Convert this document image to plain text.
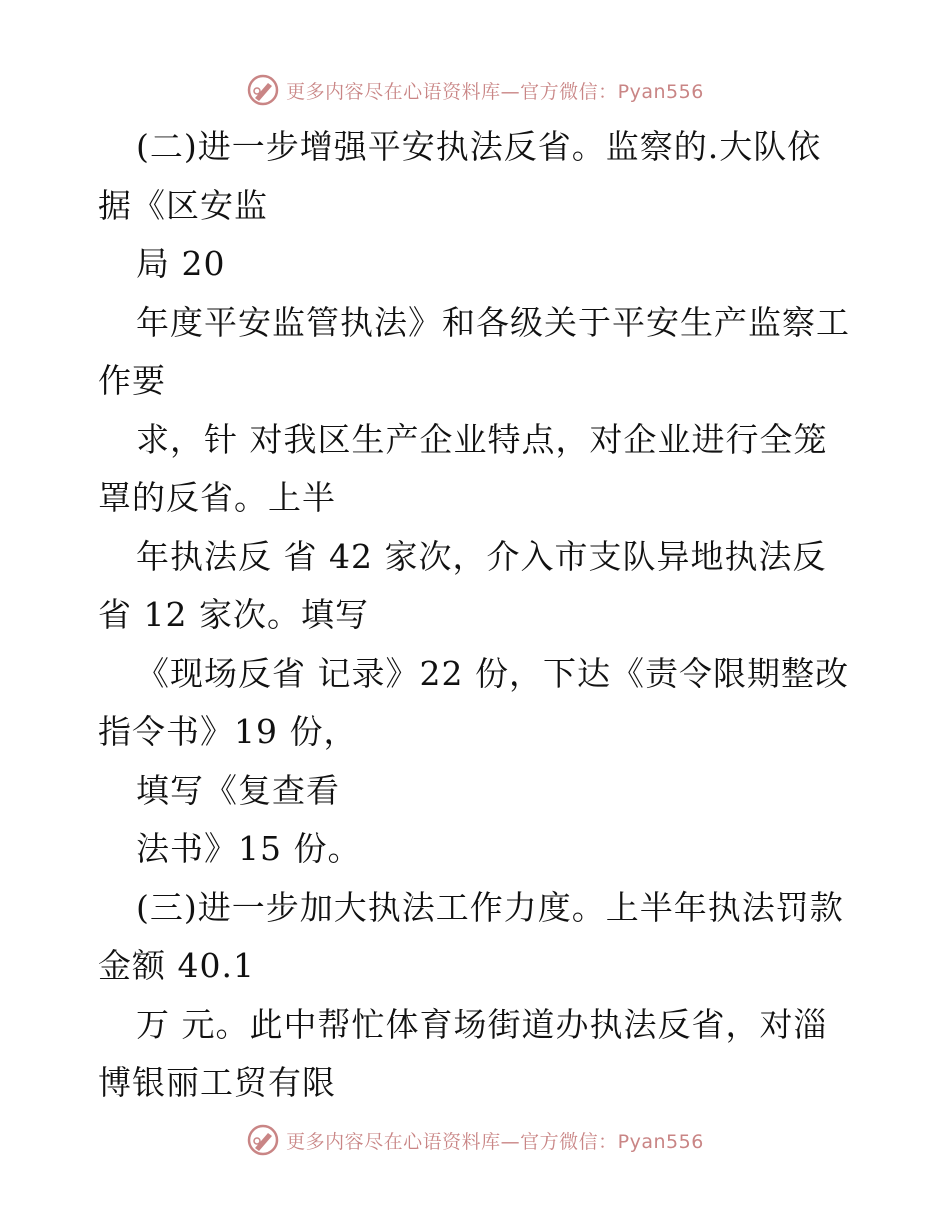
更多内容尽在心语资料库—官方微信：Pyan556
(二)进一步增强平安执法反省。监察的.大队依
据《区安监
局 20
年度平安监管执法》和各级关于平安生产监察工
作要
求，针 对我区生产企业特点，对企业进行全笼
罩的反省。上半
年执法反 省 42 家次，介入市支队异地执法反
省 12 家次。填写
《现场反省 记录》22 份，下达《责令限期整改
指令书》19 份，
填写《复查看
法书》15 份。
(三)进一步加大执法工作力度。上半年执法罚款
金额 40.1
万 元。此中帮忙体育场街道办执法反省，对淄
博银丽工贸有限
更多内容尽在心语资料库—官方微信：Pyan556
